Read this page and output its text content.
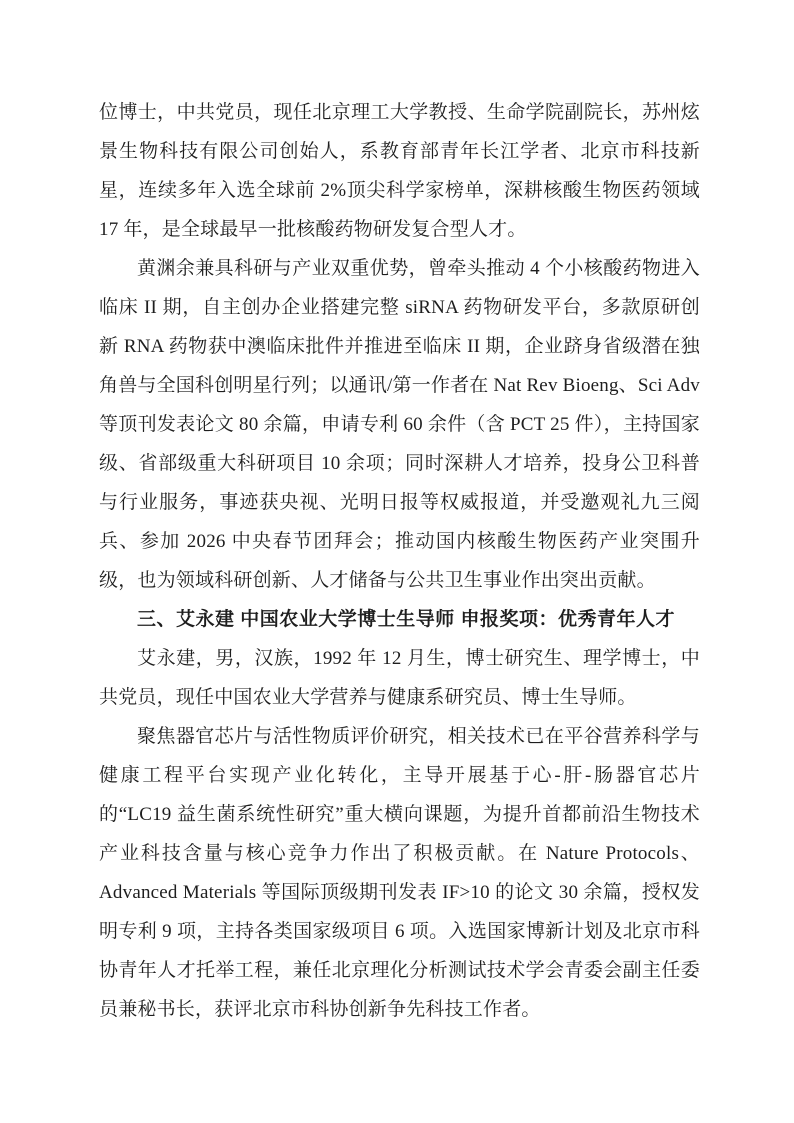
位博士，中共党员，现任北京理工大学教授、生命学院副院长，苏州炫景生物科技有限公司创始人，系教育部青年长江学者、北京市科技新星，连续多年入选全球前 2%顶尖科学家榜单，深耕核酸生物医药领域 17 年，是全球最早一批核酸药物研发复合型人才。

黄渊余兼具科研与产业双重优势，曾牵头推动 4 个小核酸药物进入临床 II 期，自主创办企业搭建完整 siRNA 药物研发平台，多款原研创新 RNA 药物获中澳临床批件并推进至临床 II 期，企业跻身省级潜在独角兽与全国科创明星行列；以通讯/第一作者在 Nat Rev Bioeng、Sci Adv 等顶刊发表论文 80 余篇，申请专利 60 余件（含 PCT 25 件），主持国家级、省部级重大科研项目 10 余项；同时深耕人才培养，投身公卫科普与行业服务，事迹获央视、光明日报等权威报道，并受邀观礼九三阅兵、参加 2026 中央春节团拜会；推动国内核酸生物医药产业突围升级，也为领域科研创新、人才储备与公共卫生事业作出突出贡献。

三、艾永建 中国农业大学博士生导师 申报奖项：优秀青年人才

艾永建，男，汉族，1992 年 12 月生，博士研究生、理学博士，中共党员，现任中国农业大学营养与健康系研究员、博士生导师。

聚焦器官芯片与活性物质评价研究，相关技术已在平谷营养科学与健康工程平台实现产业化转化，主导开展基于心-肝-肠器官芯片的“LC19 益生菌系统性研究”重大横向课题，为提升首都前沿生物技术产业科技含量与核心竞争力作出了积极贡献。在 Nature Protocols、Advanced Materials 等国际顶级期刊发表 IF>10 的论文 30 余篇，授权发明专利 9 项，主持各类国家级项目 6 项。入选国家博新计划及北京市科协青年人才托举工程，兼任北京理化分析测试技术学会青委会副主任委员兼秘书长，获评北京市科协创新争先科技工作者。
